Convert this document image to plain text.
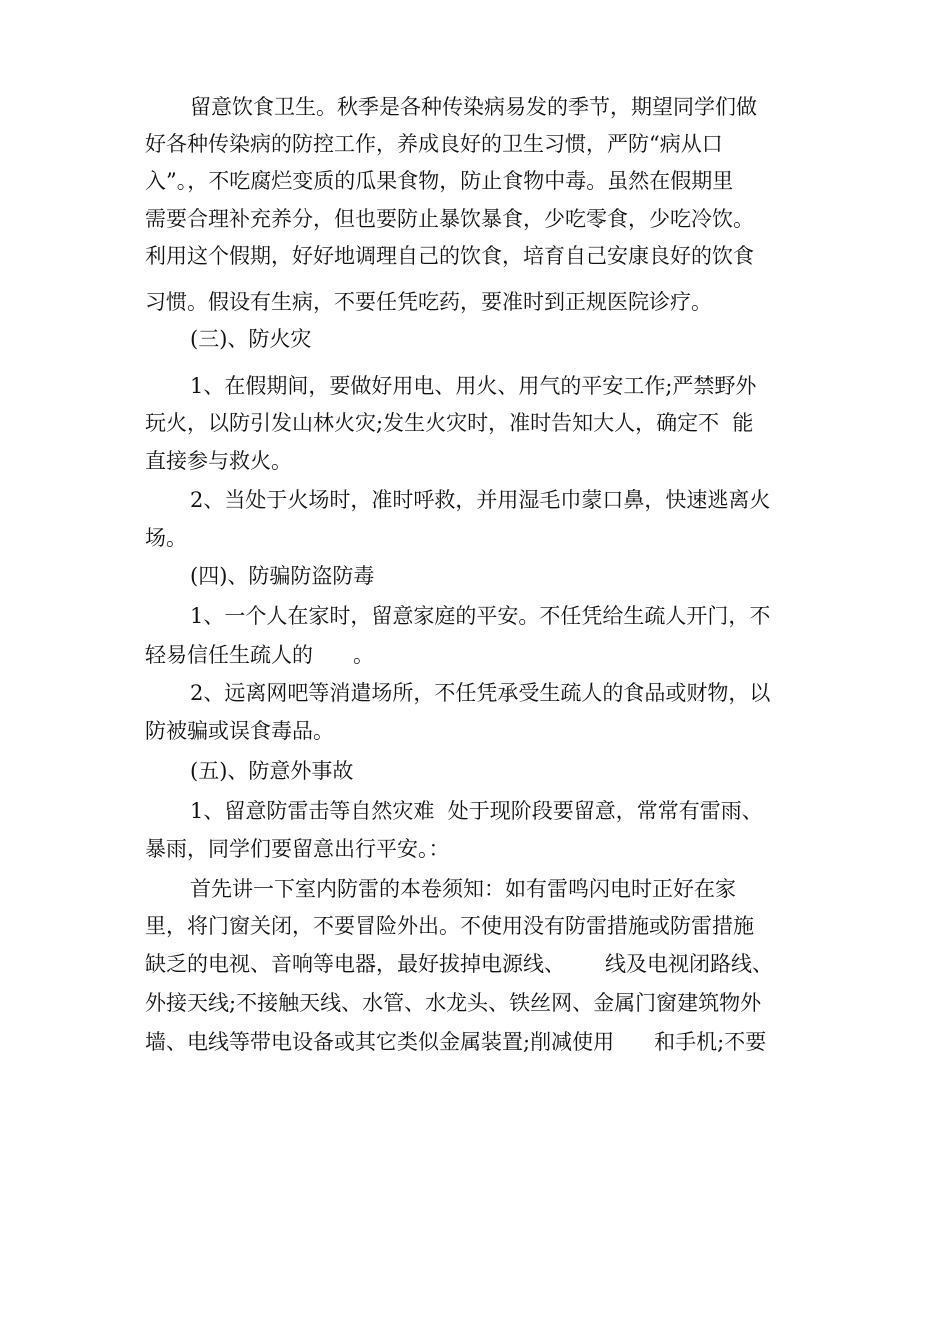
留意饮食卫生。秋季是各种传染病易发的季节，期望同学们做
好各种传染病的防控工作，养成良好的卫生习惯，严防“病从口
入”。，不吃腐烂变质的瓜果食物，防止食物中毒。虽然在假期里
需要合理补充养分，但也要防止暴饮暴食，少吃零食，少吃冷饮。
利用这个假期，好好地调理自己的饮食，培育自己安康良好的饮食
习惯。假设有生病，不要任凭吃药，要准时到正规医院诊疗。
(三)、防火灾
1、在假期间，要做好用电、用火、用气的平安工作;严禁野外
玩火，以防引发山林火灾;发生火灾时，准时告知大人，确定不  能
直接参与救火。
2、当处于火场时，准时呼救，并用湿毛巾蒙口鼻，快速逃离火
场。
(四)、防骗防盗防毒
1、一个人在家时，留意家庭的平安。不任凭给生疏人开门，不
轻易信任生疏人的      。
2、远离网吧等消遣场所，不任凭承受生疏人的食品或财物，以
防被骗或误食毒品。
(五)、防意外事故
1、留意防雷击等自然灾难  处于现阶段要留意，常常有雷雨、
暴雨，同学们要留意出行平安。：
首先讲一下室内防雷的本卷须知：如有雷鸣闪电时正好在家
里，将门窗关闭，不要冒险外出。不使用没有防雷措施或防雷措施
缺乏的电视、音响等电器，最好拔掉电源线、      线及电视闭路线、
外接天线;不接触天线、水管、水龙头、铁丝网、金属门窗建筑物外
墙、电线等带电设备或其它类似金属装置;削减使用      和手机;不要
